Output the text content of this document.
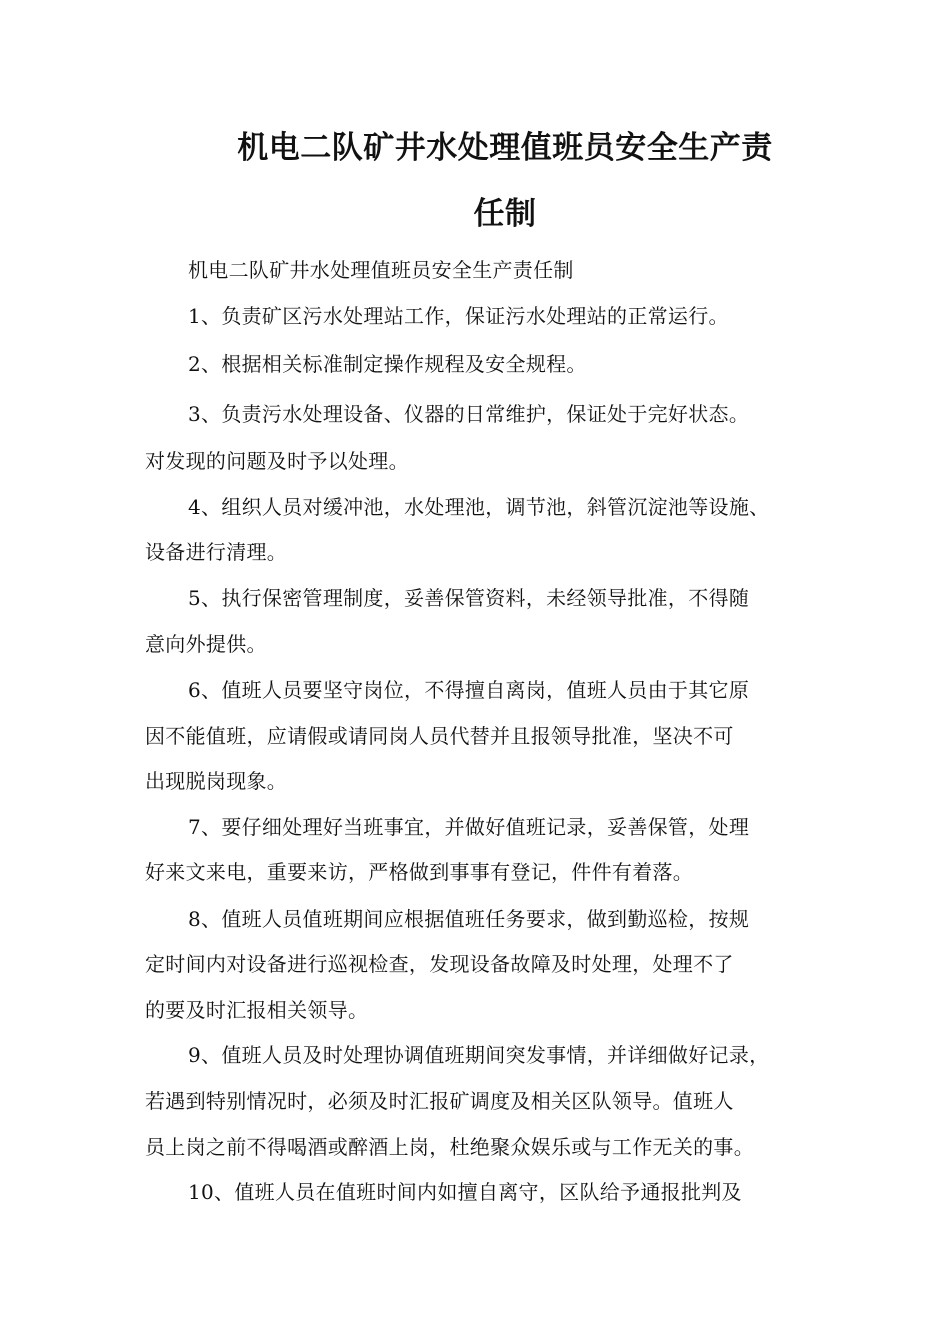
机电二队矿井水处理值班员安全生产责
任制
机电二队矿井水处理值班员安全生产责任制
1、负责矿区污水处理站工作，保证污水处理站的正常运行。
2、根据相关标准制定操作规程及安全规程。
3、负责污水处理设备、仪器的日常维护，保证处于完好状态。
对发现的问题及时予以处理。
4、组织人员对缓冲池，水处理池，调节池，斜管沉淀池等设施、
设备进行清理。
5、执行保密管理制度，妥善保管资料，未经领导批准，不得随
意向外提供。
6、值班人员要坚守岗位，不得擅自离岗，值班人员由于其它原
因不能值班，应请假或请同岗人员代替并且报领导批准，坚决不可
出现脱岗现象。
7、要仔细处理好当班事宜，并做好值班记录，妥善保管，处理
好来文来电，重要来访，严格做到事事有登记，件件有着落。
8、值班人员值班期间应根据值班任务要求，做到勤巡检，按规
定时间内对设备进行巡视检查，发现设备故障及时处理，处理不了
的要及时汇报相关领导。
9、值班人员及时处理协调值班期间突发事情，并详细做好记录，
若遇到特别情况时，必须及时汇报矿调度及相关区队领导。值班人
员上岗之前不得喝酒或醉酒上岗，杜绝聚众娱乐或与工作无关的事。
10、值班人员在值班时间内如擅自离守，区队给予通报批判及
